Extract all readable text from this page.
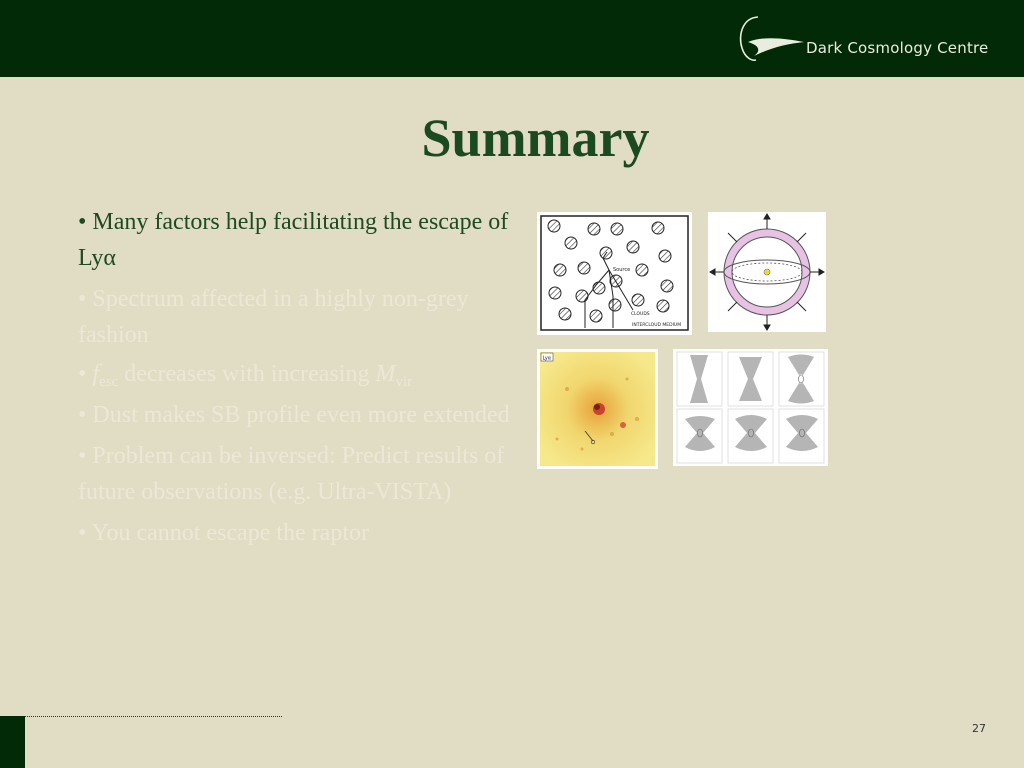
Dark Cosmology Centre
Summary
• Many factors help facilitating the escape of Lyα
• Spectrum affected in a highly non-grey fashion
• $f_{esc}$ decreases with increasing $M_{vir}$
• Dust makes SB profile even more extended
• Problem can be inversed: Predict results of future observations (e.g. Ultra-VISTA)
• You cannot escape the raptor
Source
CLOUDS
INTERCLOUD MEDIUM
Lyα
27
